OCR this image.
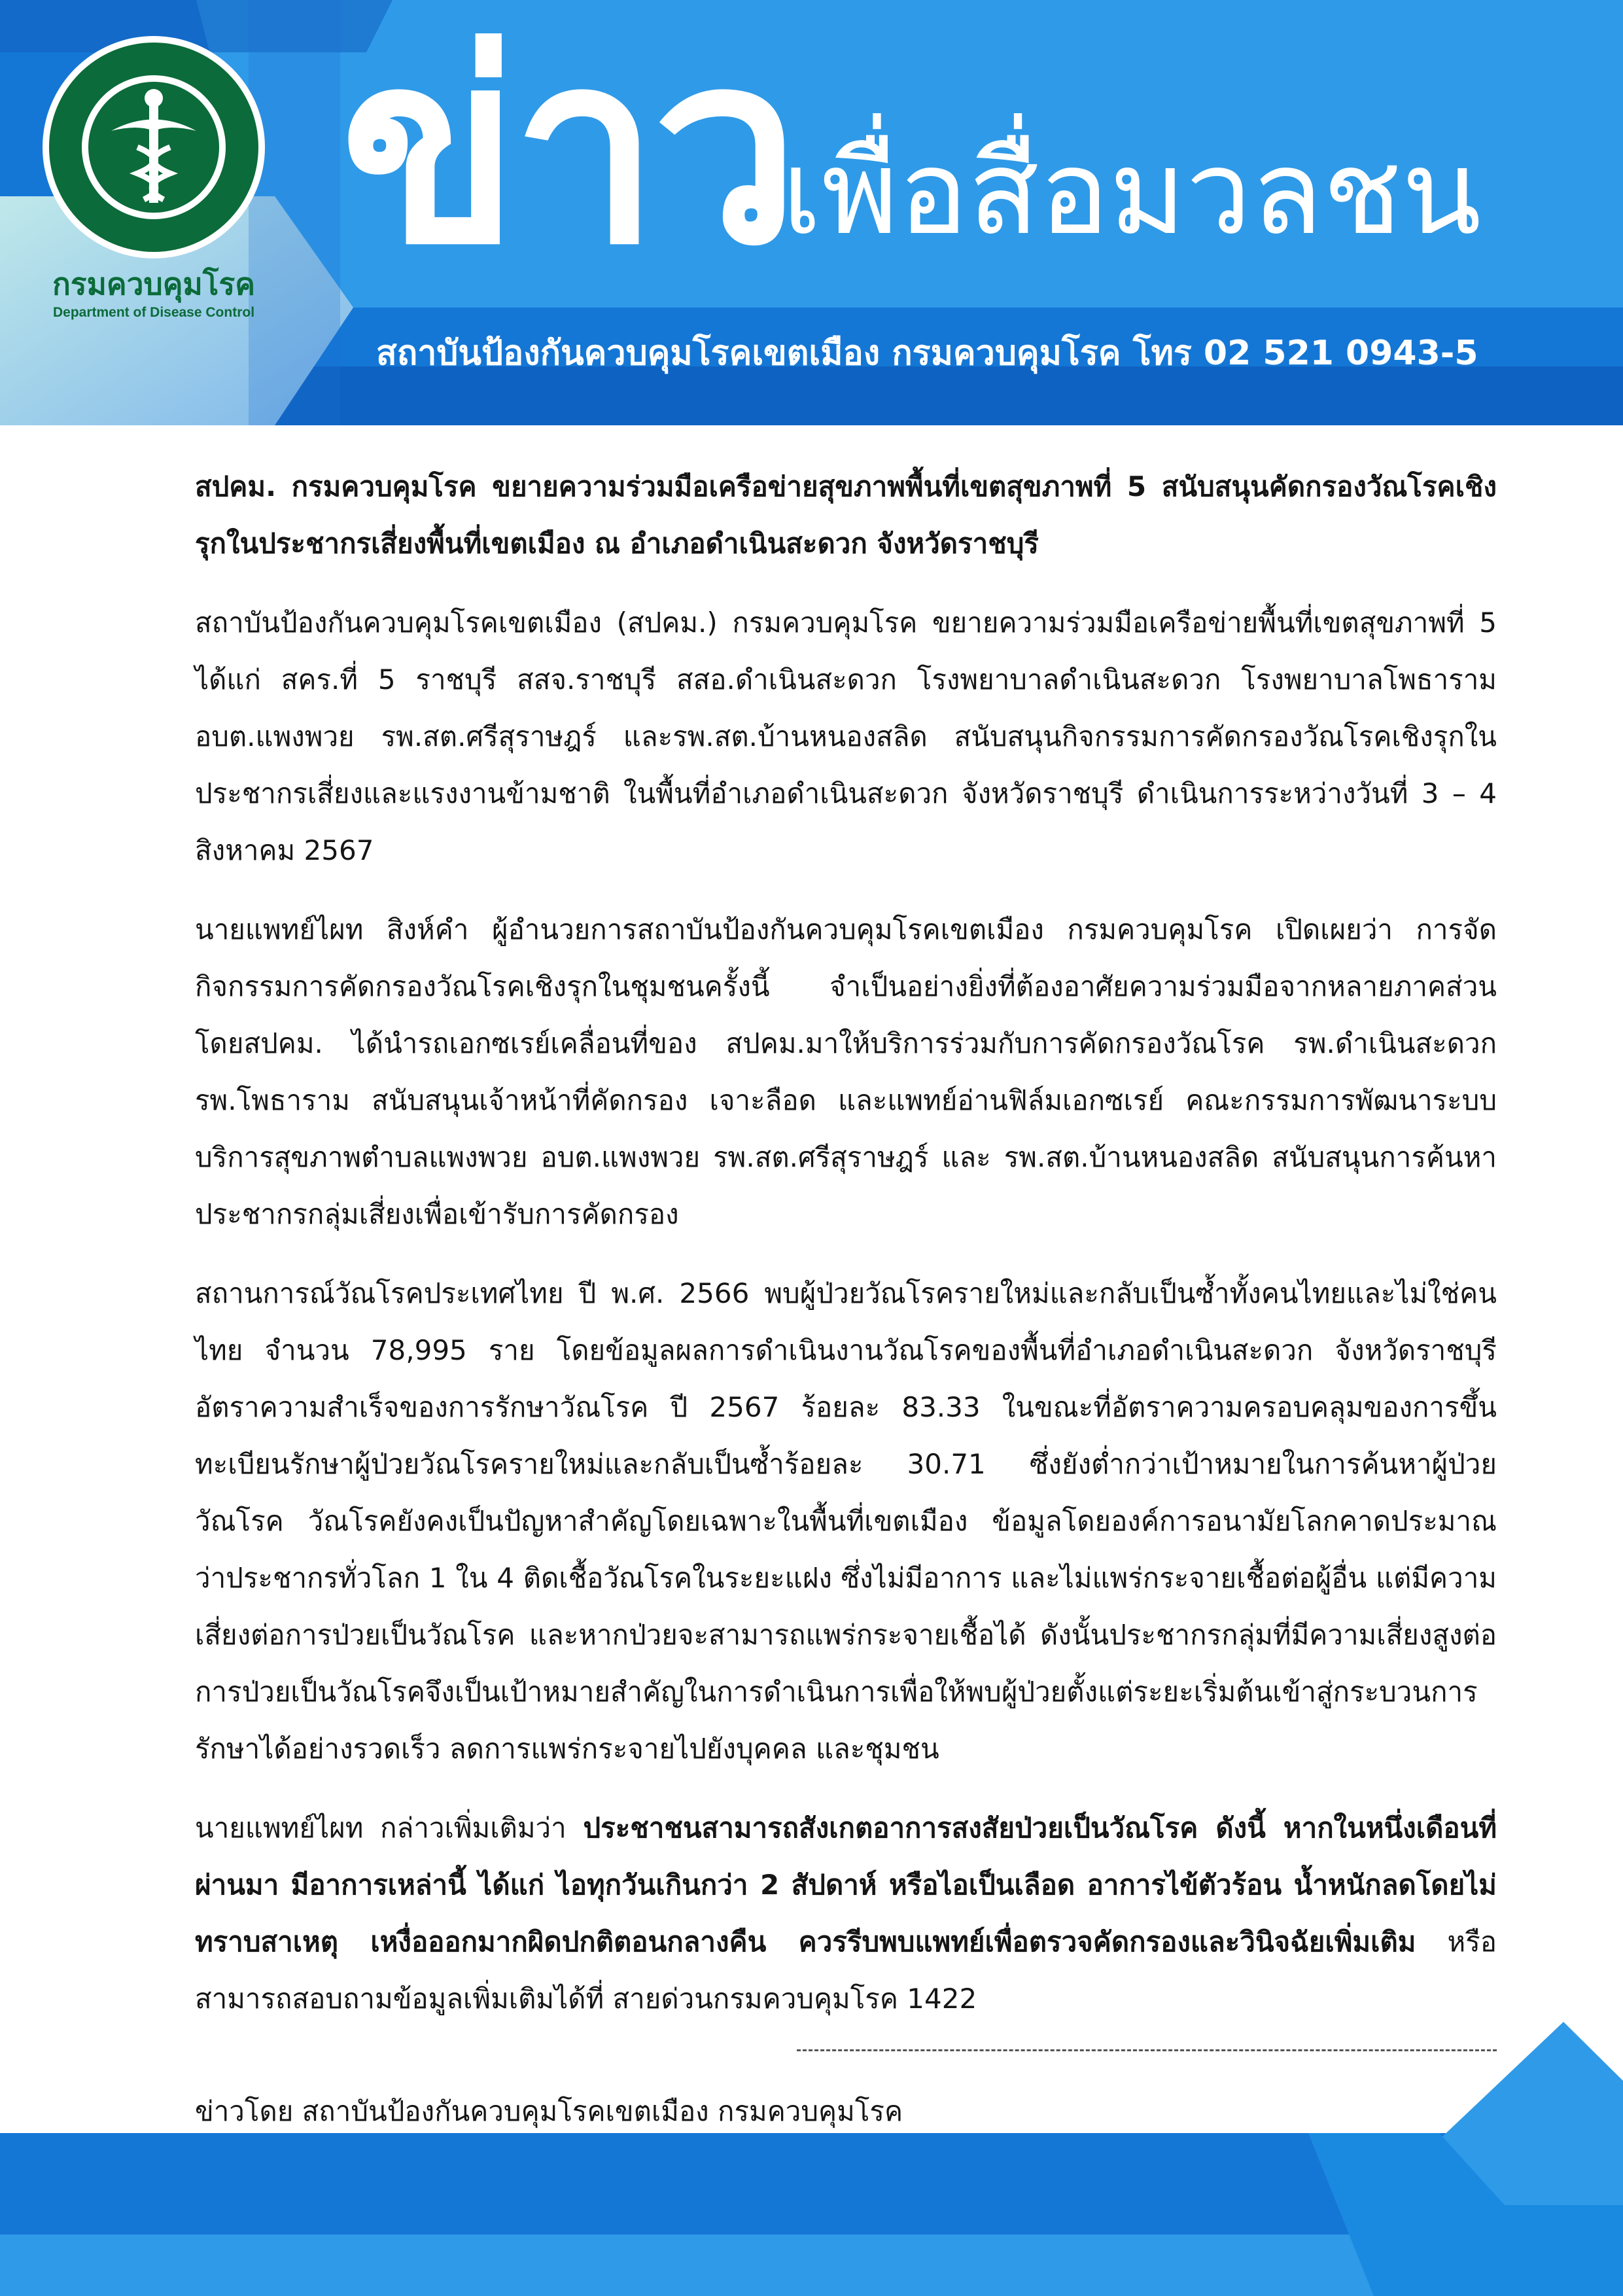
กรมควบคุมโรค
Department of Disease Control
ข่าว
เพื่อสื่อมวลชน
สถาบันป้องกันควบคุมโรคเขตเมือง กรมควบคุมโรค โทร 02 521 0943-5

สปคม. กรมควบคุมโรค ขยายความร่วมมือเครือข่ายสุขภาพพื้นที่เขตสุขภาพที่ 5 สนับสนุนคัดกรองวัณโรคเชิงรุกในประชากรเสี่ยงพื้นที่เขตเมือง ณ อำเภอดำเนินสะดวก จังหวัดราชบุรี

สถาบันป้องกันควบคุมโรคเขตเมือง (สปคม.) กรมควบคุมโรค ขยายความร่วมมือเครือข่ายพื้นที่เขตสุขภาพที่ 5 ได้แก่ สคร.ที่ 5 ราชบุรี สสจ.ราชบุรี สสอ.ดำเนินสะดวก โรงพยาบาลดำเนินสะดวก โรงพยาบาลโพธาราม อบต.แพงพวย รพ.สต.ศรีสุราษฎร์ และรพ.สต.บ้านหนองสลิด สนับสนุนกิจกรรมการคัดกรองวัณโรคเชิงรุกในประชากรเสี่ยงและแรงงานข้ามชาติ ในพื้นที่อำเภอดำเนินสะดวก จังหวัดราชบุรี ดำเนินการระหว่างวันที่ 3 – 4 สิงหาคม 2567

นายแพทย์ไผท สิงห์คำ ผู้อำนวยการสถาบันป้องกันควบคุมโรคเขตเมือง กรมควบคุมโรค เปิดเผยว่า การจัดกิจกรรมการคัดกรองวัณโรคเชิงรุกในชุมชนครั้งนี้ จำเป็นอย่างยิ่งที่ต้องอาศัยความร่วมมือจากหลายภาคส่วน โดยสปคม. ได้นำรถเอกซเรย์เคลื่อนที่ของ สปคม.มาให้บริการร่วมกับการคัดกรองวัณโรค รพ.ดำเนินสะดวก รพ.โพธาราม สนับสนุนเจ้าหน้าที่คัดกรอง เจาะลือด และแพทย์อ่านฟิล์มเอกซเรย์ คณะกรรมการพัฒนาระบบบริการสุขภาพตำบลแพงพวย อบต.แพงพวย รพ.สต.ศรีสุราษฎร์ และ รพ.สต.บ้านหนองสลิด สนับสนุนการค้นหาประชากรกลุ่มเสี่ยงเพื่อเข้ารับการคัดกรอง

สถานการณ์วัณโรคประเทศไทย ปี พ.ศ. 2566 พบผู้ป่วยวัณโรครายใหม่และกลับเป็นซ้ำทั้งคนไทยและไม่ใช่คนไทย จำนวน 78,995 ราย โดยข้อมูลผลการดำเนินงานวัณโรคของพื้นที่อำเภอดำเนินสะดวก จังหวัดราชบุรี อัตราความสำเร็จของการรักษาวัณโรค ปี 2567 ร้อยละ 83.33 ในขณะที่อัตราความครอบคลุมของการขึ้นทะเบียนรักษาผู้ป่วยวัณโรครายใหม่และกลับเป็นซ้ำร้อยละ 30.71 ซึ่งยังต่ำกว่าเป้าหมายในการค้นหาผู้ป่วยวัณโรค วัณโรคยังคงเป็นปัญหาสำคัญโดยเฉพาะในพื้นที่เขตเมือง ข้อมูลโดยองค์การอนามัยโลกคาดประมาณว่าประชากรทั่วโลก 1 ใน 4 ติดเชื้อวัณโรคในระยะแฝง ซึ่งไม่มีอาการ และไม่แพร่กระจายเชื้อต่อผู้อื่น แต่มีความเสี่ยงต่อการป่วยเป็นวัณโรค และหากป่วยจะสามารถแพร่กระจายเชื้อได้ ดังนั้นประชากรกลุ่มที่มีความเสี่ยงสูงต่อการป่วยเป็นวัณโรคจึงเป็นเป้าหมายสำคัญในการดำเนินการเพื่อให้พบผู้ป่วยตั้งแต่ระยะเริ่มต้นเข้าสู่กระบวนการรักษาได้อย่างรวดเร็ว ลดการแพร่กระจายไปยังบุคคล และชุมชน

นายแพทย์ไผท กล่าวเพิ่มเติมว่า ประชาชนสามารถสังเกตอาการสงสัยป่วยเป็นวัณโรค ดังนี้ หากในหนึ่งเดือนที่ผ่านมา มีอาการเหล่านี้ ได้แก่ ไอทุกวันเกินกว่า 2 สัปดาห์ หรือไอเป็นเลือด อาการไข้ตัวร้อน น้ำหนักลดโดยไม่ทราบสาเหตุ เหงื่อออกมากผิดปกติตอนกลางคืน ควรรีบพบแพทย์เพื่อตรวจคัดกรองและวินิจฉัยเพิ่มเติม หรือสามารถสอบถามข้อมูลเพิ่มเติมได้ที่ สายด่วนกรมควบคุมโรค 1422

ข่าวโดย สถาบันป้องกันควบคุมโรคเขตเมือง กรมควบคุมโรค
